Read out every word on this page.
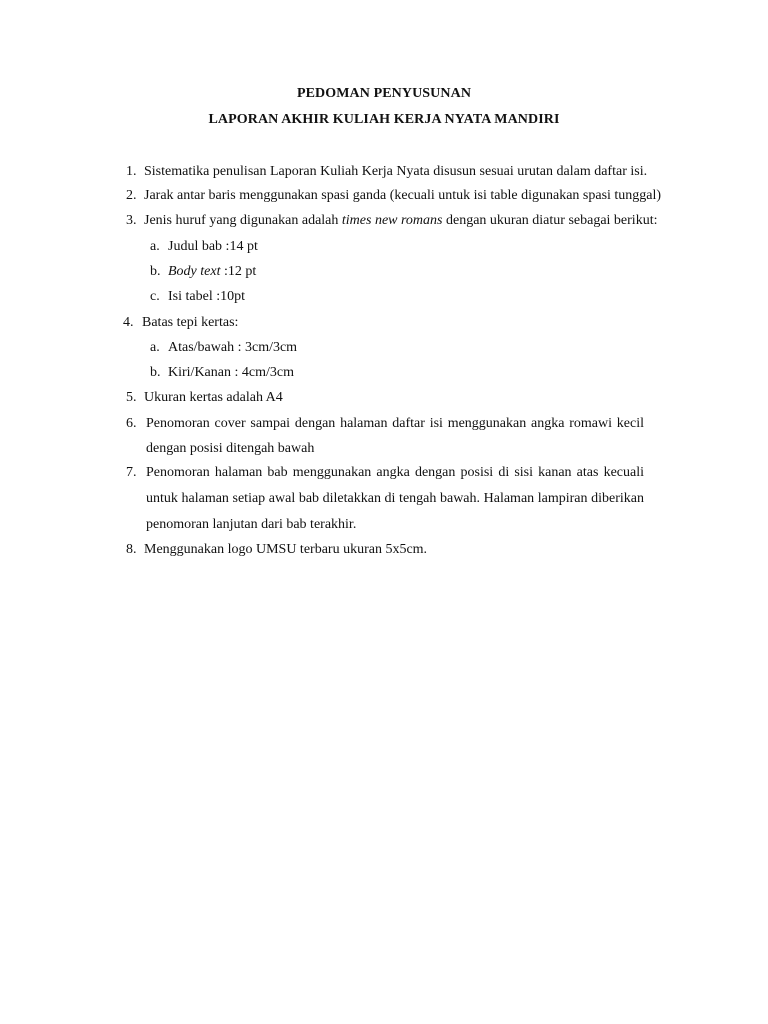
PEDOMAN PENYUSUNAN
LAPORAN AKHIR KULIAH KERJA NYATA MANDIRI
1. Sistematika penulisan Laporan Kuliah Kerja Nyata disusun sesuai urutan dalam daftar isi.
2. Jarak antar baris menggunakan spasi ganda (kecuali untuk isi table digunakan spasi tunggal)
3. Jenis huruf yang digunakan adalah times new romans dengan ukuran diatur sebagai berikut:
a. Judul bab :14 pt
b. Body text :12 pt
c. Isi tabel :10pt
4. Batas tepi kertas:
a. Atas/bawah : 3cm/3cm
b. Kiri/Kanan : 4cm/3cm
5. Ukuran kertas adalah A4
6. Penomoran cover sampai dengan halaman daftar isi menggunakan angka romawi kecil
dengan posisi ditengah bawah
7. Penomoran halaman bab menggunakan angka dengan posisi di sisi kanan atas kecuali
untuk halaman setiap awal bab diletakkan di tengah bawah. Halaman lampiran diberikan
penomoran lanjutan dari bab terakhir.
8. Menggunakan logo UMSU terbaru ukuran 5x5cm.
